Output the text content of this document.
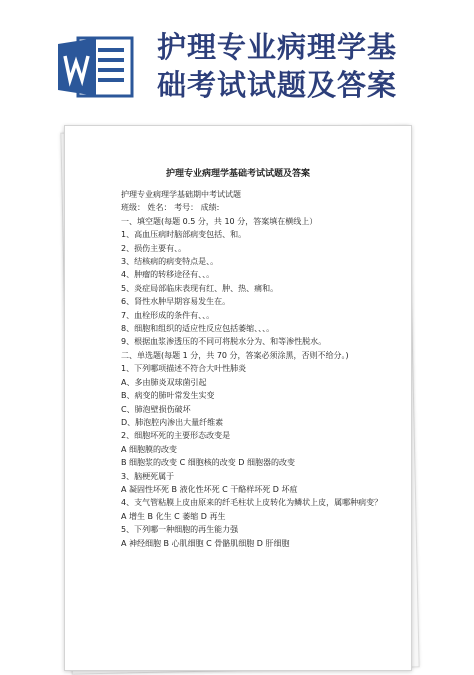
护理专业病理学基
础考试试题及答案
护理专业病理学基础考试试题及答案
护理专业病理学基础期中考试试题
班级： 姓名： 考号： 成绩:
一、填空题(每题 0.5 分，共 10 分，答案填在横线上）
1、高血压病时脑部病变包括、和。
2、损伤主要有、。
3、结核病的病变特点是、。
4、肿瘤的转移途径有、、。
5、炎症局部临床表现有红、肿、热、痛和。
6、肾性水肿早期容易发生在。
7、血栓形成的条件有、、。
8、细胞和组织的适应性反应包括萎缩、、、。
9、根据血浆渗透压的不同可将脱水分为、和等渗性脱水。
二、单选题(每题 1 分，共 70 分，答案必须涂黑，否则不给分。)
1、下列哪项描述不符合大叶性肺炎
A、多由肺炎双球菌引起
B、病变的肺叶常发生实变
C、肺泡壁损伤破坏
D、肺泡腔内渗出大量纤维素
2、细胞坏死的主要形态改变是
A 细胞膜的改变
B 细胞浆的改变 C 细胞核的改变 D 细胞器的改变
3、脑梗死属于
A 凝固性坏死 B 液化性坏死 C 干酪样坏死 D 坏疽
4、支气管粘膜上皮由原来的纤毛柱状上皮转化为鳞状上皮，属哪种病变？
A 增生 B 化生 C 萎缩 D 再生
5、下列哪一种细胞的再生能力强
A 神经细胞 B 心肌细胞 C 骨骼肌细胞 D 肝细胞
